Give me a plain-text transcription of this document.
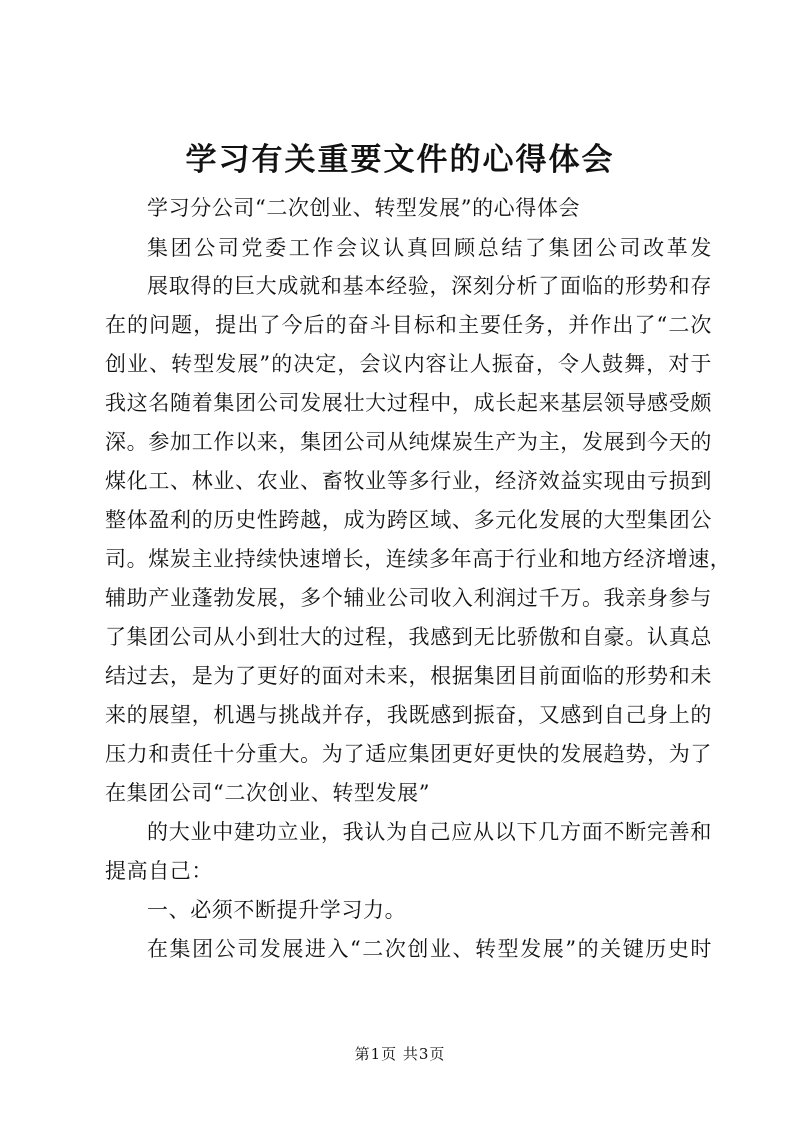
学习有关重要文件的心得体会
学习分公司“二次创业、转型发展”的心得体会
集团公司党委工作会议认真回顾总结了集团公司改革发
展取得的巨大成就和基本经验，深刻分析了面临的形势和存
在的问题，提出了今后的奋斗目标和主要任务，并作出了“二次
创业、转型发展”的决定，会议内容让人振奋，令人鼓舞，对于
我这名随着集团公司发展壮大过程中，成长起来基层领导感受颇
深。参加工作以来，集团公司从纯煤炭生产为主，发展到今天的
煤化工、林业、农业、畜牧业等多行业，经济效益实现由亏损到
整体盈利的历史性跨越，成为跨区域、多元化发展的大型集团公
司。煤炭主业持续快速增长，连续多年高于行业和地方经济增速，
辅助产业蓬勃发展，多个辅业公司收入利润过千万。我亲身参与
了集团公司从小到壮大的过程，我感到无比骄傲和自豪。认真总
结过去，是为了更好的面对未来，根据集团目前面临的形势和未
来的展望，机遇与挑战并存，我既感到振奋，又感到自己身上的
压力和责任十分重大。为了适应集团更好更快的发展趋势，为了
在集团公司“二次创业、转型发展”
的大业中建功立业，我认为自己应从以下几方面不断完善和
提高自己：
一、必须不断提升学习力。
在集团公司发展进入“二次创业、转型发展”的关键历史时
第1页 共3页
